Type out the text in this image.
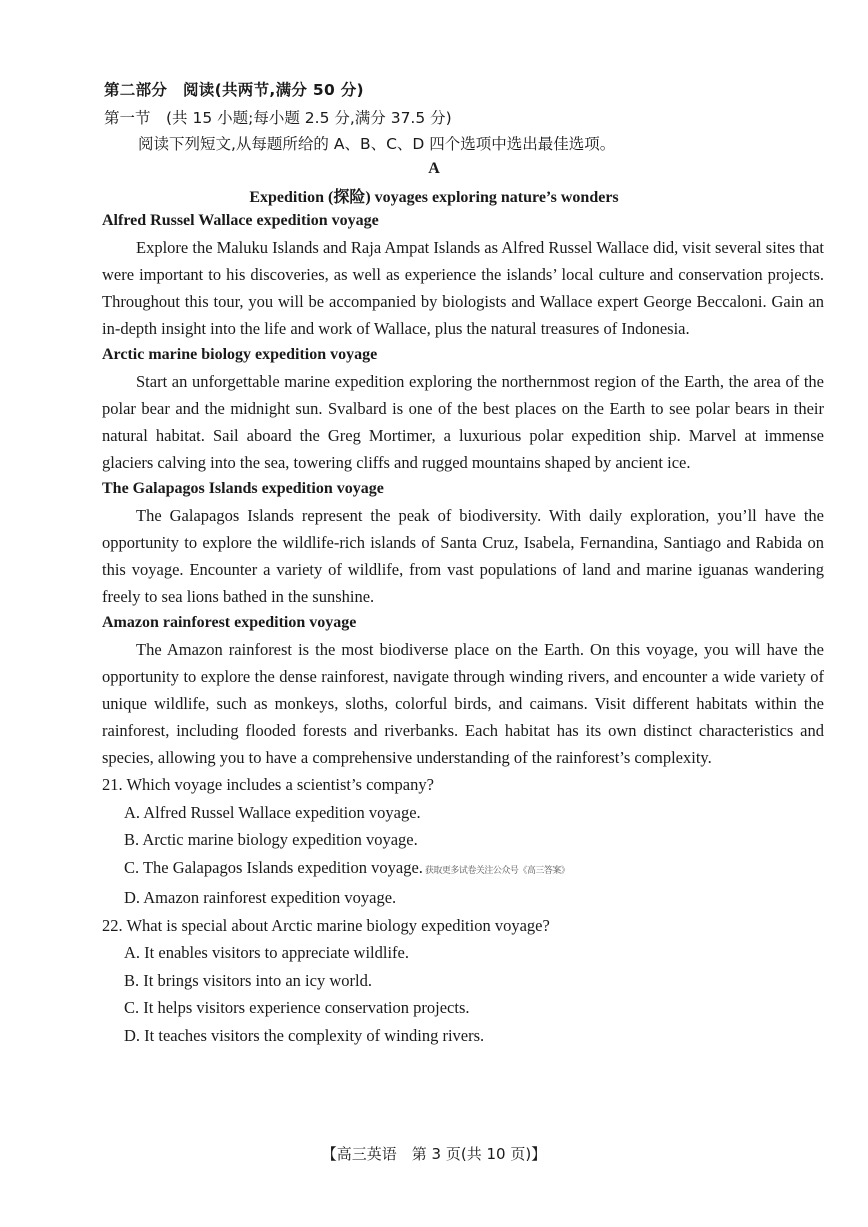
第二部分　阅读(共两节,满分 50 分)
第一节　(共 15 小题;每小题 2.5 分,满分 37.5 分)
阅读下列短文,从每题所给的 A、B、C、D 四个选项中选出最佳选项。
A
Expedition (探险) voyages exploring nature’s wonders

Alfred Russel Wallace expedition voyage

Explore the Maluku Islands and Raja Ampat Islands as Alfred Russel Wallace did, visit several sites that were important to his discoveries, as well as experience the islands’ local culture and conservation projects. Throughout this tour, you will be accompanied by biologists and Wallace expert George Beccaloni. Gain an in-depth insight into the life and work of Wallace, plus the natural treasures of Indonesia.

Arctic marine biology expedition voyage

Start an unforgettable marine expedition exploring the northernmost region of the Earth, the area of the polar bear and the midnight sun. Svalbard is one of the best places on the Earth to see polar bears in their natural habitat. Sail aboard the Greg Mortimer, a luxurious polar expedition ship. Marvel at immense glaciers calving into the sea, towering cliffs and rugged mountains shaped by ancient ice.

The Galapagos Islands expedition voyage

The Galapagos Islands represent the peak of biodiversity. With daily exploration, you’ll have the opportunity to explore the wildlife-rich islands of Santa Cruz, Isabela, Fernandina, Santiago and Rabida on this voyage. Encounter a variety of wildlife, from vast populations of land and marine iguanas wandering freely to sea lions bathed in the sunshine.

Amazon rainforest expedition voyage

The Amazon rainforest is the most biodiverse place on the Earth. On this voyage, you will have the opportunity to explore the dense rainforest, navigate through winding rivers, and encounter a wide variety of unique wildlife, such as monkeys, sloths, colorful birds, and caimans. Visit different habitats within the rainforest, including flooded forests and riverbanks. Each habitat has its own distinct characteristics and species, allowing you to have a comprehensive understanding of the rainforest’s complexity.

21. Which voyage includes a scientist’s company?

A. Alfred Russel Wallace expedition voyage.

B. Arctic marine biology expedition voyage.

C. The Galapagos Islands expedition voyage. 获取更多试卷关注公众号《高三答案》

D. Amazon rainforest expedition voyage.

22. What is special about Arctic marine biology expedition voyage?

A. It enables visitors to appreciate wildlife.

B. It brings visitors into an icy world.

C. It helps visitors experience conservation projects.

D. It teaches visitors the complexity of winding rivers.

【高三英语　第 3 页(共 10 页)】
